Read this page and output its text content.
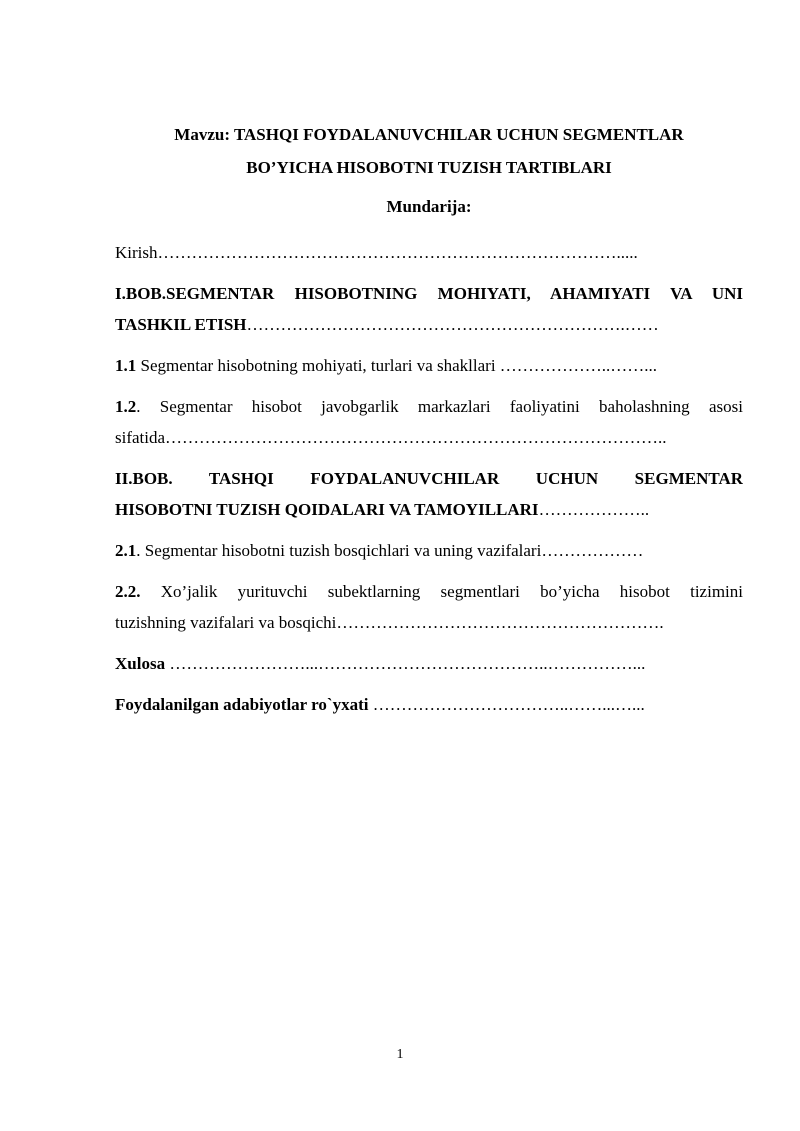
Mavzu: TASHQI FOYDALANUVCHILAR UCHUN SEGMENTLAR
BO’YICHA HISOBOTNI TUZISH TARTIBLARI
Mundarija:
Kirish……………………………………………………………………….....
I.BOB.SEGMENTAR HISOBOTNING MOHIYATI, AHAMIYATI VA UNI
TASHKIL ETISH………………………………………………………….……
1.1 Segmentar hisobotning mohiyati, turlari va shakllari ………………..……...
1.2. Segmentar hisobot javobgarlik markazlari faoliyatini baholashning asosi
sifatida……………………………………………………………………………..
II.BOB. TASHQI FOYDALANUVCHILAR UCHUN SEGMENTAR
HISOBOTNI TUZISH QOIDALARI VA TAMOYILLARI………………..
2.1. Segmentar hisobotni tuzish bosqichlari va uning vazifalari………………
2.2. Xo’jalik yurituvchi subektlarning segmentlari bo’yicha hisobot tizimini
tuzishning vazifalari va bosqichi………………………………………………….
Xulosa ……………………...…………………………………..……………...
Foydalanilgan adabiyotlar ro`yxati ……………………………..……...…...
1
